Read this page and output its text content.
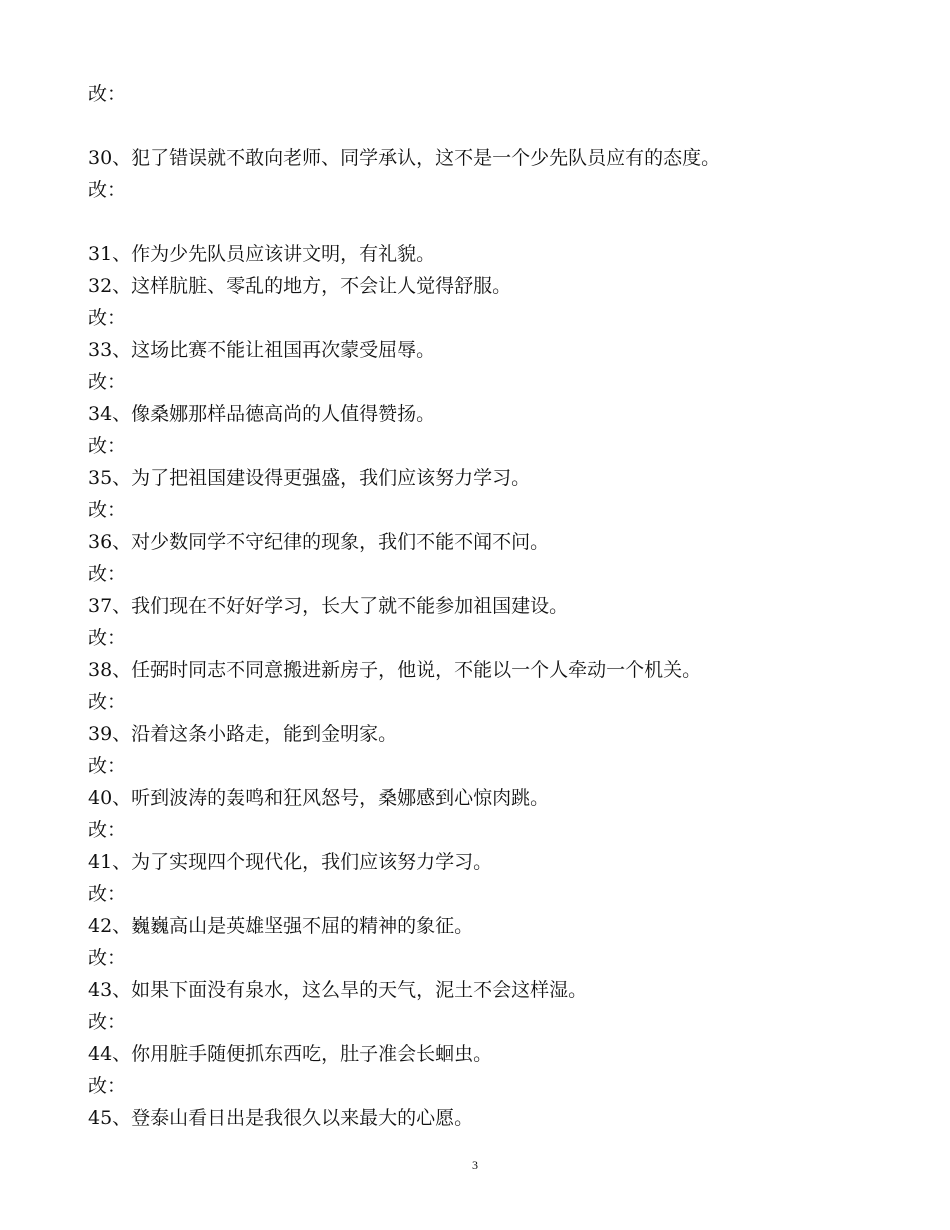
改：
30、犯了错误就不敢向老师、同学承认，这不是一个少先队员应有的态度。
改：
31、作为少先队员应该讲文明，有礼貌。
32、这样肮脏、零乱的地方，不会让人觉得舒服。
改：
33、这场比赛不能让祖国再次蒙受屈辱。
改：
34、像桑娜那样品德高尚的人值得赞扬。
改：
35、为了把祖国建设得更强盛，我们应该努力学习。
改：
36、对少数同学不守纪律的现象，我们不能不闻不问。
改：
37、我们现在不好好学习，长大了就不能参加祖国建设。
改：
38、任弼时同志不同意搬进新房子，他说，不能以一个人牵动一个机关。
改：
39、沿着这条小路走，能到金明家。
改：
40、听到波涛的轰鸣和狂风怒号，桑娜感到心惊肉跳。
改：
41、为了实现四个现代化，我们应该努力学习。
改：
42、巍巍高山是英雄坚强不屈的精神的象征。
改：
43、如果下面没有泉水，这么旱的天气，泥土不会这样湿。
改：
44、你用脏手随便抓东西吃，肚子准会长蛔虫。
改：
45、登泰山看日出是我很久以来最大的心愿。
3
